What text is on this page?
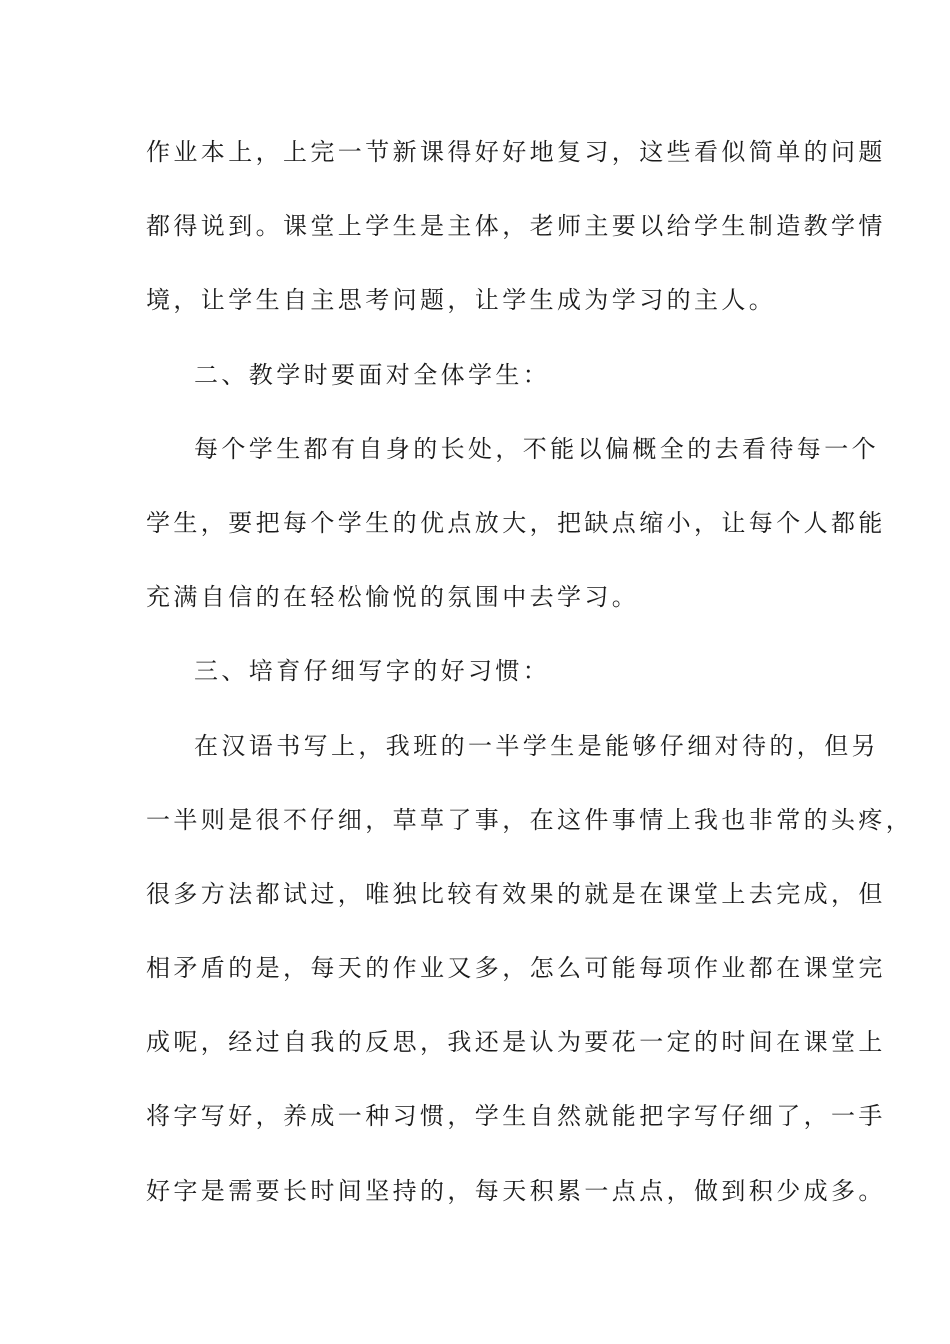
作业本上，上完一节新课得好好地复习，这些看似简单的问题
都得说到。课堂上学生是主体，老师主要以给学生制造教学情
境，让学生自主思考问题，让学生成为学习的主人。
二、教学时要面对全体学生：
每个学生都有自身的长处，不能以偏概全的去看待每一个
学生，要把每个学生的优点放大，把缺点缩小，让每个人都能
充满自信的在轻松愉悦的氛围中去学习。
三、培育仔细写字的好习惯：
在汉语书写上，我班的一半学生是能够仔细对待的，但另
一半则是很不仔细，草草了事，在这件事情上我也非常的头疼，
很多方法都试过，唯独比较有效果的就是在课堂上去完成，但
相矛盾的是，每天的作业又多，怎么可能每项作业都在课堂完
成呢，经过自我的反思，我还是认为要花一定的时间在课堂上
将字写好，养成一种习惯，学生自然就能把字写仔细了，一手
好字是需要长时间坚持的，每天积累一点点，做到积少成多。
